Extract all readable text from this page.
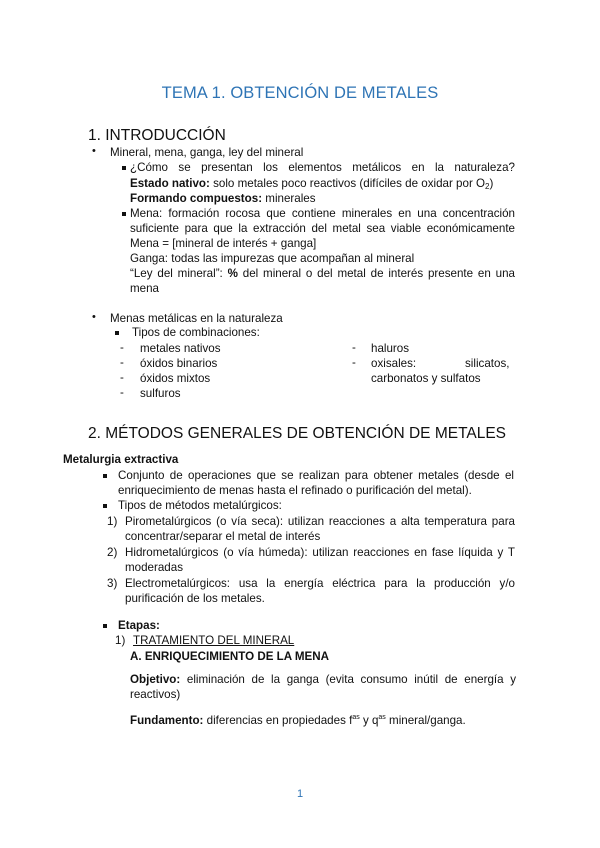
TEMA 1. OBTENCIÓN DE METALES
1. INTRODUCCIÓN
• Mineral, mena, ganga, ley del mineral
¿Cómo se presentan los elementos metálicos en la naturaleza?
Estado nativo: solo metales poco reactivos (difíciles de oxidar por $O_2$)
Formando compuestos: minerales
Mena: formación rocosa que contiene minerales en una concentración
suficiente para que la extracción del metal sea viable económicamente
Mena = [mineral de interés + ganga]
Ganga: todas las impurezas que acompañan al mineral
“Ley del mineral”: % del mineral o del metal de interés presente en una
mena
• Menas metálicas en la naturaleza
Tipos de combinaciones:
- metales nativos
- óxidos binarios
- óxidos mixtos
- sulfuros
- haluros
- oxisales:	silicatos,
carbonatos y sulfatos
2. MÉTODOS GENERALES DE OBTENCIÓN DE METALES
Metalurgia extractiva
Conjunto de operaciones que se realizan para obtener metales (desde el
enriquecimiento de menas hasta el refinado o purificación del metal).
Tipos de métodos metalúrgicos:
1) Pirometalúrgicos (o vía seca): utilizan reacciones a alta temperatura para
concentrar/separar el metal de interés
2) Hidrometalúrgicos (o vía húmeda): utilizan reacciones en fase líquida y T
moderadas
3) Electrometalúrgicos: usa la energía eléctrica para la producción y/o
purificación de los metales.
Etapas:
1) TRATAMIENTO DEL MINERAL
A. ENRIQUECIMIENTO DE LA MENA
Objetivo: eliminación de la ganga (evita consumo inútil de energía y
reactivos)
Fundamento: diferencias en propiedades $f^{as}$ y $q^{as}$ mineral/ganga.
1
